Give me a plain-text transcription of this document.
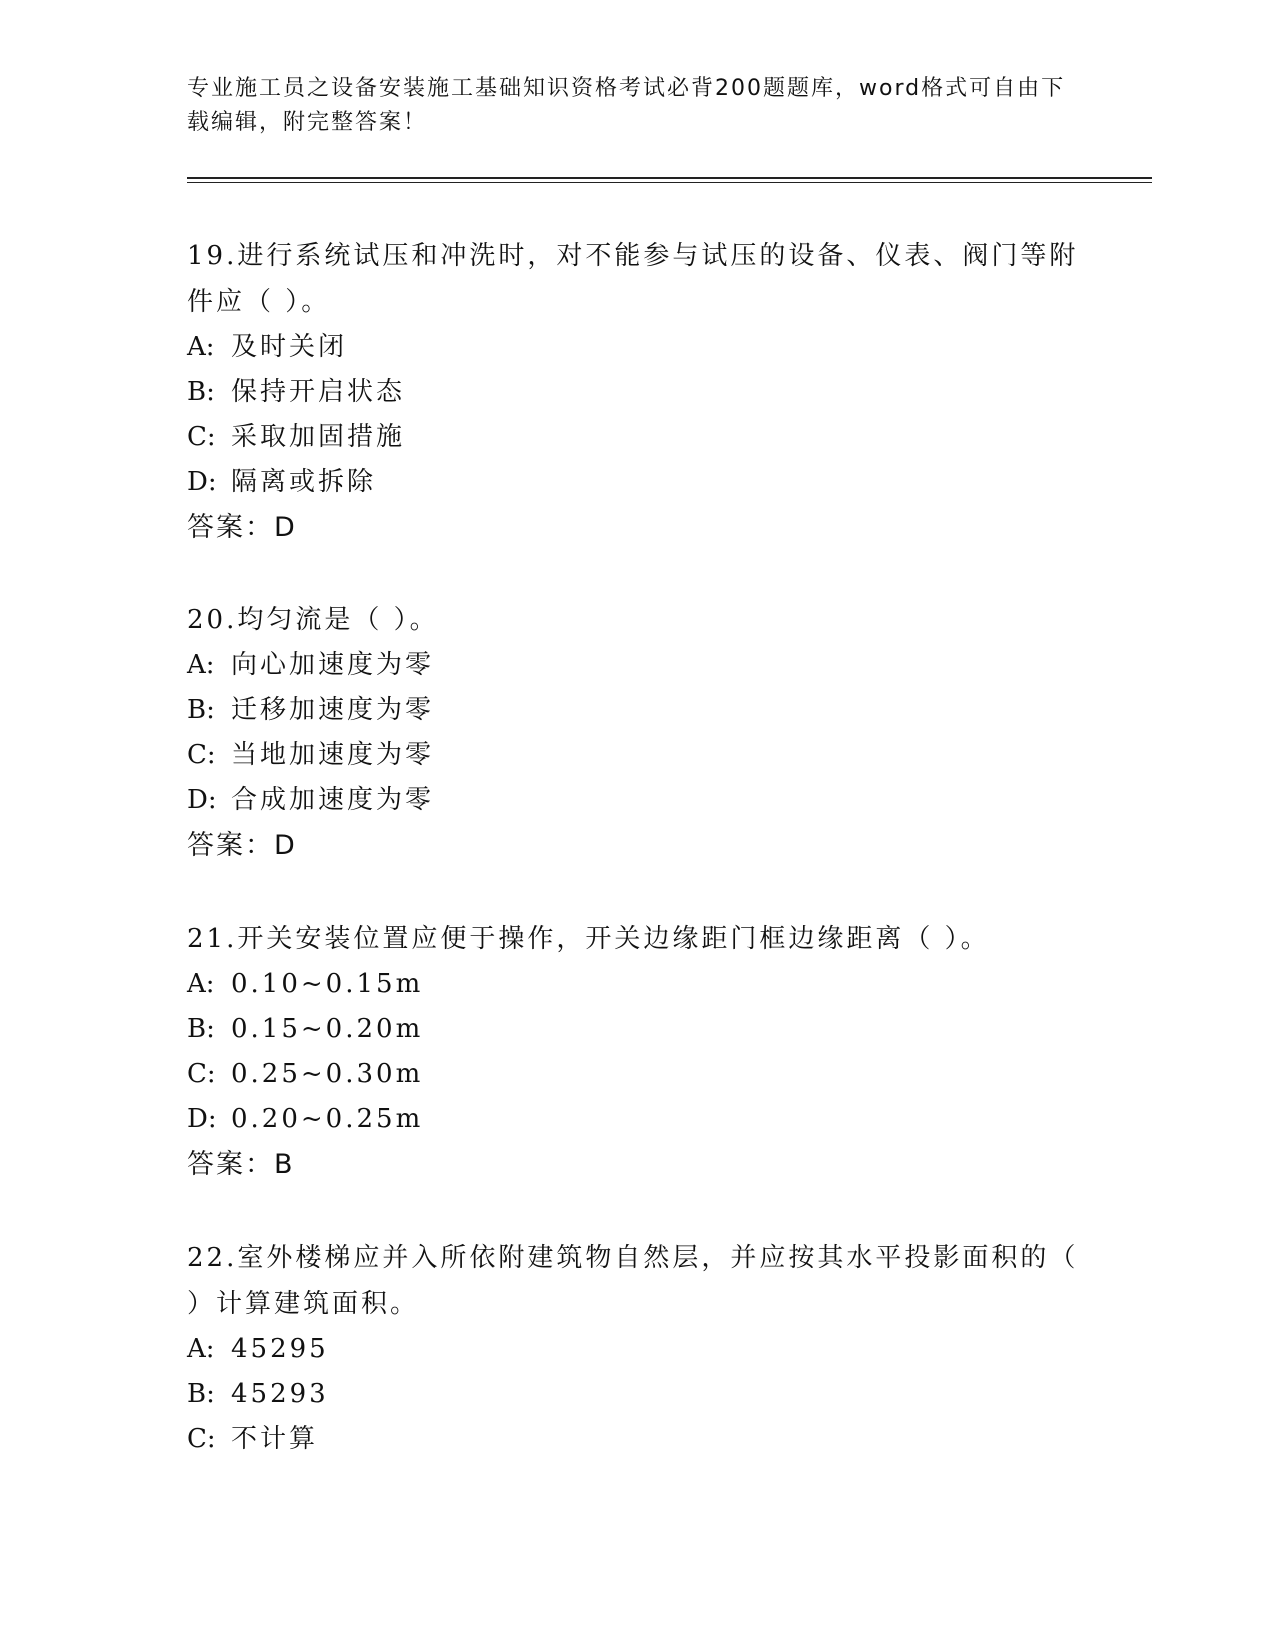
专业施工员之设备安装施工基础知识资格考试必背200题题库，word格式可自由下载编辑，附完整答案！

19.进行系统试压和冲洗时，对不能参与试压的设备、仪表、阀门等附件应（ ）。

A: 及时关闭
B: 保持开启状态
C: 采取加固措施
D: 隔离或拆除
答案：D

20.均匀流是（ ）。

A: 向心加速度为零
B: 迁移加速度为零
C: 当地加速度为零
D: 合成加速度为零
答案：D

21.开关安装位置应便于操作，开关边缘距门框边缘距离（ ）。

A: 0.10~0.15m
B: 0.15~0.20m
C: 0.25~0.30m
D: 0.20~0.25m
答案：B

22.室外楼梯应并入所依附建筑物自然层，并应按其水平投影面积的（ ）计算建筑面积。

A: 45295
B: 45293
C: 不计算
